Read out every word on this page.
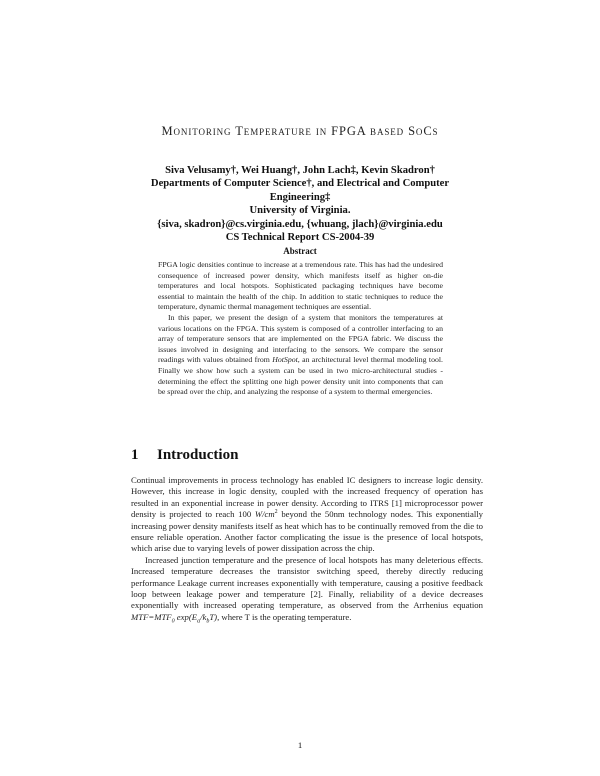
Monitoring Temperature in FPGA based SoCs
Siva Velusamy†, Wei Huang†, John Lach‡, Kevin Skadron†
Departments of Computer Science†, and Electrical and Computer
Engineering‡
University of Virginia.
{siva, skadron}@cs.virginia.edu, {whuang, jlach}@virginia.edu
CS Technical Report CS-2004-39
Abstract

FPGA logic densities continue to increase at a tremendous rate. This has had the undesired consequence of increased power density, which manifests itself as higher on-die temperatures and local hotspots. Sophisticated packaging techniques have become essential to maintain the health of the chip. In addition to static techniques to reduce the temperature, dynamic thermal management techniques are essential.

In this paper, we present the design of a system that monitors the temperatures at various locations on the FPGA. This system is composed of a controller interfacing to an array of temperature sensors that are implemented on the FPGA fabric. We discuss the issues involved in designing and interfacing to the sensors. We compare the sensor readings with values obtained from HotSpot, an architectural level thermal modeling tool. Finally we show how such a system can be used in two micro-architectural studies - determining the effect the splitting one high power density unit into components that can be spread over the chip, and analyzing the response of a system to thermal emergencies.

1 Introduction

Continual improvements in process technology has enabled IC designers to increase logic density. However, this increase in logic density, coupled with the increased frequency of operation has resulted in an exponential increase in power density. According to ITRS [1] microprocessor power density is projected to reach 100 $W/cm^2$ beyond the 50nm technology nodes. This exponentially increasing power density manifests itself as heat which has to be continually removed from the die to ensure reliable operation. Another factor complicating the issue is the presence of local hotspots, which arise due to varying levels of power dissipation across the chip.

Increased junction temperature and the presence of local hotspots has many deleterious effects. Increased temperature decreases the transistor switching speed, thereby directly reducing performance Leakage current increases exponentially with temperature, causing a positive feedback loop between leakage power and temperature [2]. Finally, reliability of a device decreases exponentially with increased operating temperature, as observed from the Arrhenius equation $MTF=MTF_0$ $\exp(E_a/k_bT)$, where T is the operating temperature.

1
